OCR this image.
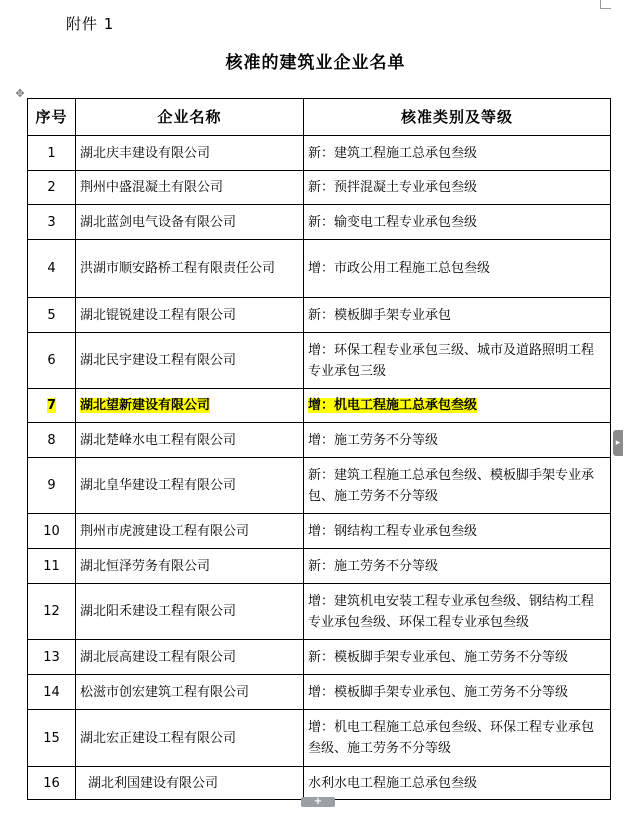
附件 1
核准的建筑业企业名单
✥
序号	企业名称	核准类别及等级
1	湖北庆丰建设有限公司	新：建筑工程施工总承包叁级
2	荆州中盛混凝土有限公司	新：预拌混凝土专业承包叁级
3	湖北蓝剑电气设备有限公司	新：输变电工程专业承包叁级
4	洪湖市顺安路桥工程有限责任公司	增：市政公用工程施工总包叁级
5	湖北锟锐建设工程有限公司	新：模板脚手架专业承包
6	湖北民宇建设工程有限公司	增：环保工程专业承包三级、城市及道路照明工程专业承包三级
7	湖北望新建设有限公司	增：机电工程施工总承包叁级
8	湖北楚峰水电工程有限公司	增：施工劳务不分等级
9	湖北皇华建设工程有限公司	新：建筑工程施工总承包叁级、模板脚手架专业承包、施工劳务不分等级
10	荆州市虎渡建设工程有限公司	增：钢结构工程专业承包叁级
11	湖北恒泽劳务有限公司	新：施工劳务不分等级
12	湖北阳禾建设工程有限公司	增：建筑机电安装工程专业承包叁级、钢结构工程专业承包叁级、环保工程专业承包叁级
13	湖北辰高建设工程有限公司	新：模板脚手架专业承包、施工劳务不分等级
14	松滋市创宏建筑工程有限公司	增：模板脚手架专业承包、施工劳务不分等级
15	湖北宏正建设工程有限公司	增：机电工程施工总承包叁级、环保工程专业承包叁级、施工劳务不分等级
16	湖北利国建设有限公司	水利水电工程施工总承包叁级
▸
+
